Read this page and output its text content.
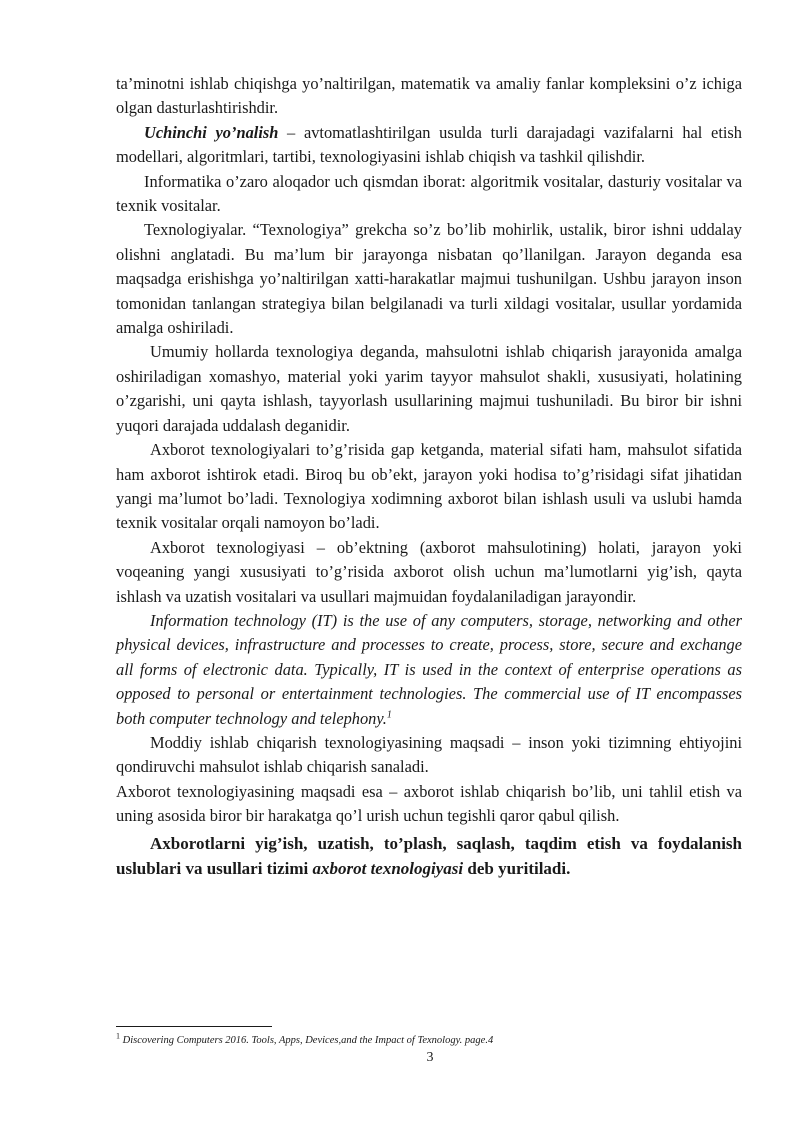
ta’minotni ishlab chiqishga yo’naltirilgan, matematik va amaliy fanlar kompleksini o’z ichiga olgan dasturlashtirishdir.

Uchinchi yo’nalish – avtomatlashtirilgan usulda turli darajadagi vazifalarni hal etish modellari, algoritmlari, tartibi, texnologiyasini ishlab chiqish va tashkil qilishdir.

Informatika o’zaro aloqador uch qismdan iborat: algoritmik vositalar, dasturiy vositalar va texnik vositalar.

Texnologiyalar. “Texnologiya” grekcha so’z bo’lib mohirlik, ustalik, biror ishni uddalay olishni anglatadi. Bu ma’lum bir jarayonga nisbatan qo’llanilgan. Jarayon deganda esa maqsadga erishishga yo’naltirilgan xatti-harakatlar majmui tushunilgan. Ushbu jarayon inson tomonidan tanlangan strategiya bilan belgilanadi va turli xildagi vositalar, usullar yordamida amalga oshiriladi.

Umumiy hollarda texnologiya deganda, mahsulotni ishlab chiqarish jarayonida amalga oshiriladigan xomashyo, material yoki yarim tayyor mahsulot shakli, xususiyati, holatining o’zgarishi, uni qayta ishlash, tayyorlash usullarining majmui tushuniladi. Bu biror bir ishni yuqori darajada uddalash deganidir.

Axborot texnologiyalari to’g’risida gap ketganda, material sifati ham, mahsulot sifatida ham axborot ishtirok etadi. Biroq bu ob’ekt, jarayon yoki hodisa to’g’risidagi sifat jihatidan yangi ma’lumot bo’ladi. Texnologiya xodimning axborot bilan ishlash usuli va uslubi hamda texnik vositalar orqali namoyon bo’ladi.

Axborot texnologiyasi – ob’ektning (axborot mahsulotining) holati, jarayon yoki voqeaning yangi xususiyati to’g’risida axborot olish uchun ma’lumotlarni yig’ish, qayta ishlash va uzatish vositalari va usullari majmuidan foydalaniladigan jarayondir.

Information technology (IT) is the use of any computers, storage, networking and other physical devices, infrastructure and processes to create, process, store, secure and exchange all forms of electronic data. Typically, IT is used in the context of enterprise operations as opposed to personal or entertainment technologies. The commercial use of IT encompasses both computer technology and telephony.$^1$

Moddiy ishlab chiqarish texnologiyasining maqsadi – inson yoki tizimning ehtiyojini qondiruvchi mahsulot ishlab chiqarish sanaladi.

Axborot texnologiyasining maqsadi esa – axborot ishlab chiqarish bo’lib, uni tahlil etish va uning asosida biror bir harakatga qo’l urish uchun tegishli qaror qabul qilish.

Axborotlarni yig’ish, uzatish, to’plash, saqlash, taqdim etish va foydalanish uslublari va usullari tizimi axborot texnologiyasi deb yuritiladi.

$^1$ Discovering Computers 2016. Tools, Apps, Devices,and the Impact of Texnology. page.4
3
